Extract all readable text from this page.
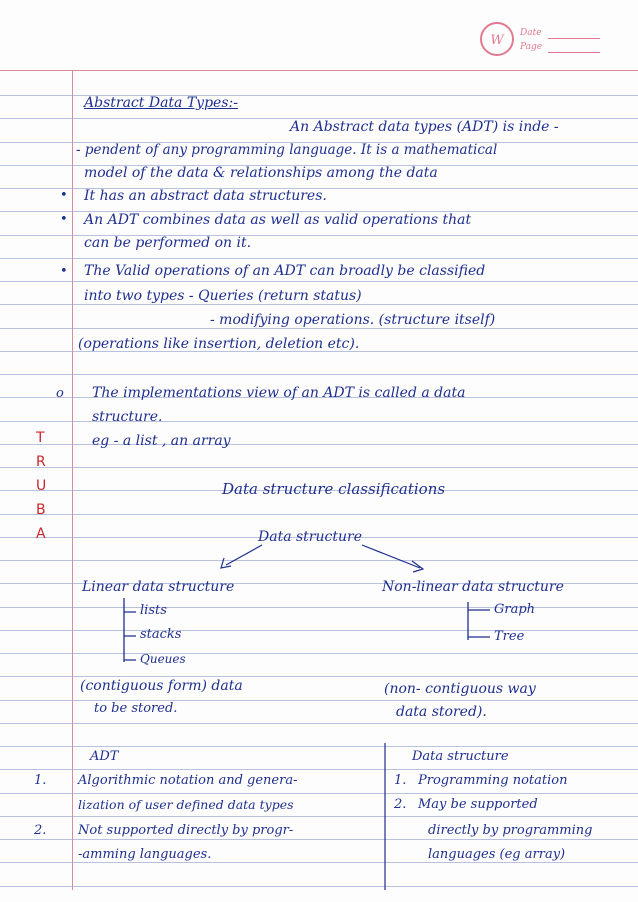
W Date
Page
Abstract Data Types:-
An Abstract data types (ADT) is inde -
- pendent of any programming language. It is a mathematical
model of the data & relationships among the data
• It has an abstract data structures.
• An ADT combines data as well as valid operations that
can be performed on it.
• The Valid operations of an ADT can broadly be classified
into two types - Queries (return status)
- modifying operations. (structure itself)
(operations like insertion, deletion etc).
o The implementations view of an ADT is called a data
structure.
eg - a list , an array
T
R
U
B
A
Data structure classifications
Data structure
Linear data structure
lists
stacks
Queues
(contiguous form) data
to be stored.
Non-linear data structure
Graph
Tree
(non- contiguous way
data stored).
ADT	Data structure
1. Algorithmic notation and genera-
lization of user defined data types
2. Not supported directly by progr-
-amming languages.
1. Programming notation
2. May be supported
directly by programming
languages (eg array)
